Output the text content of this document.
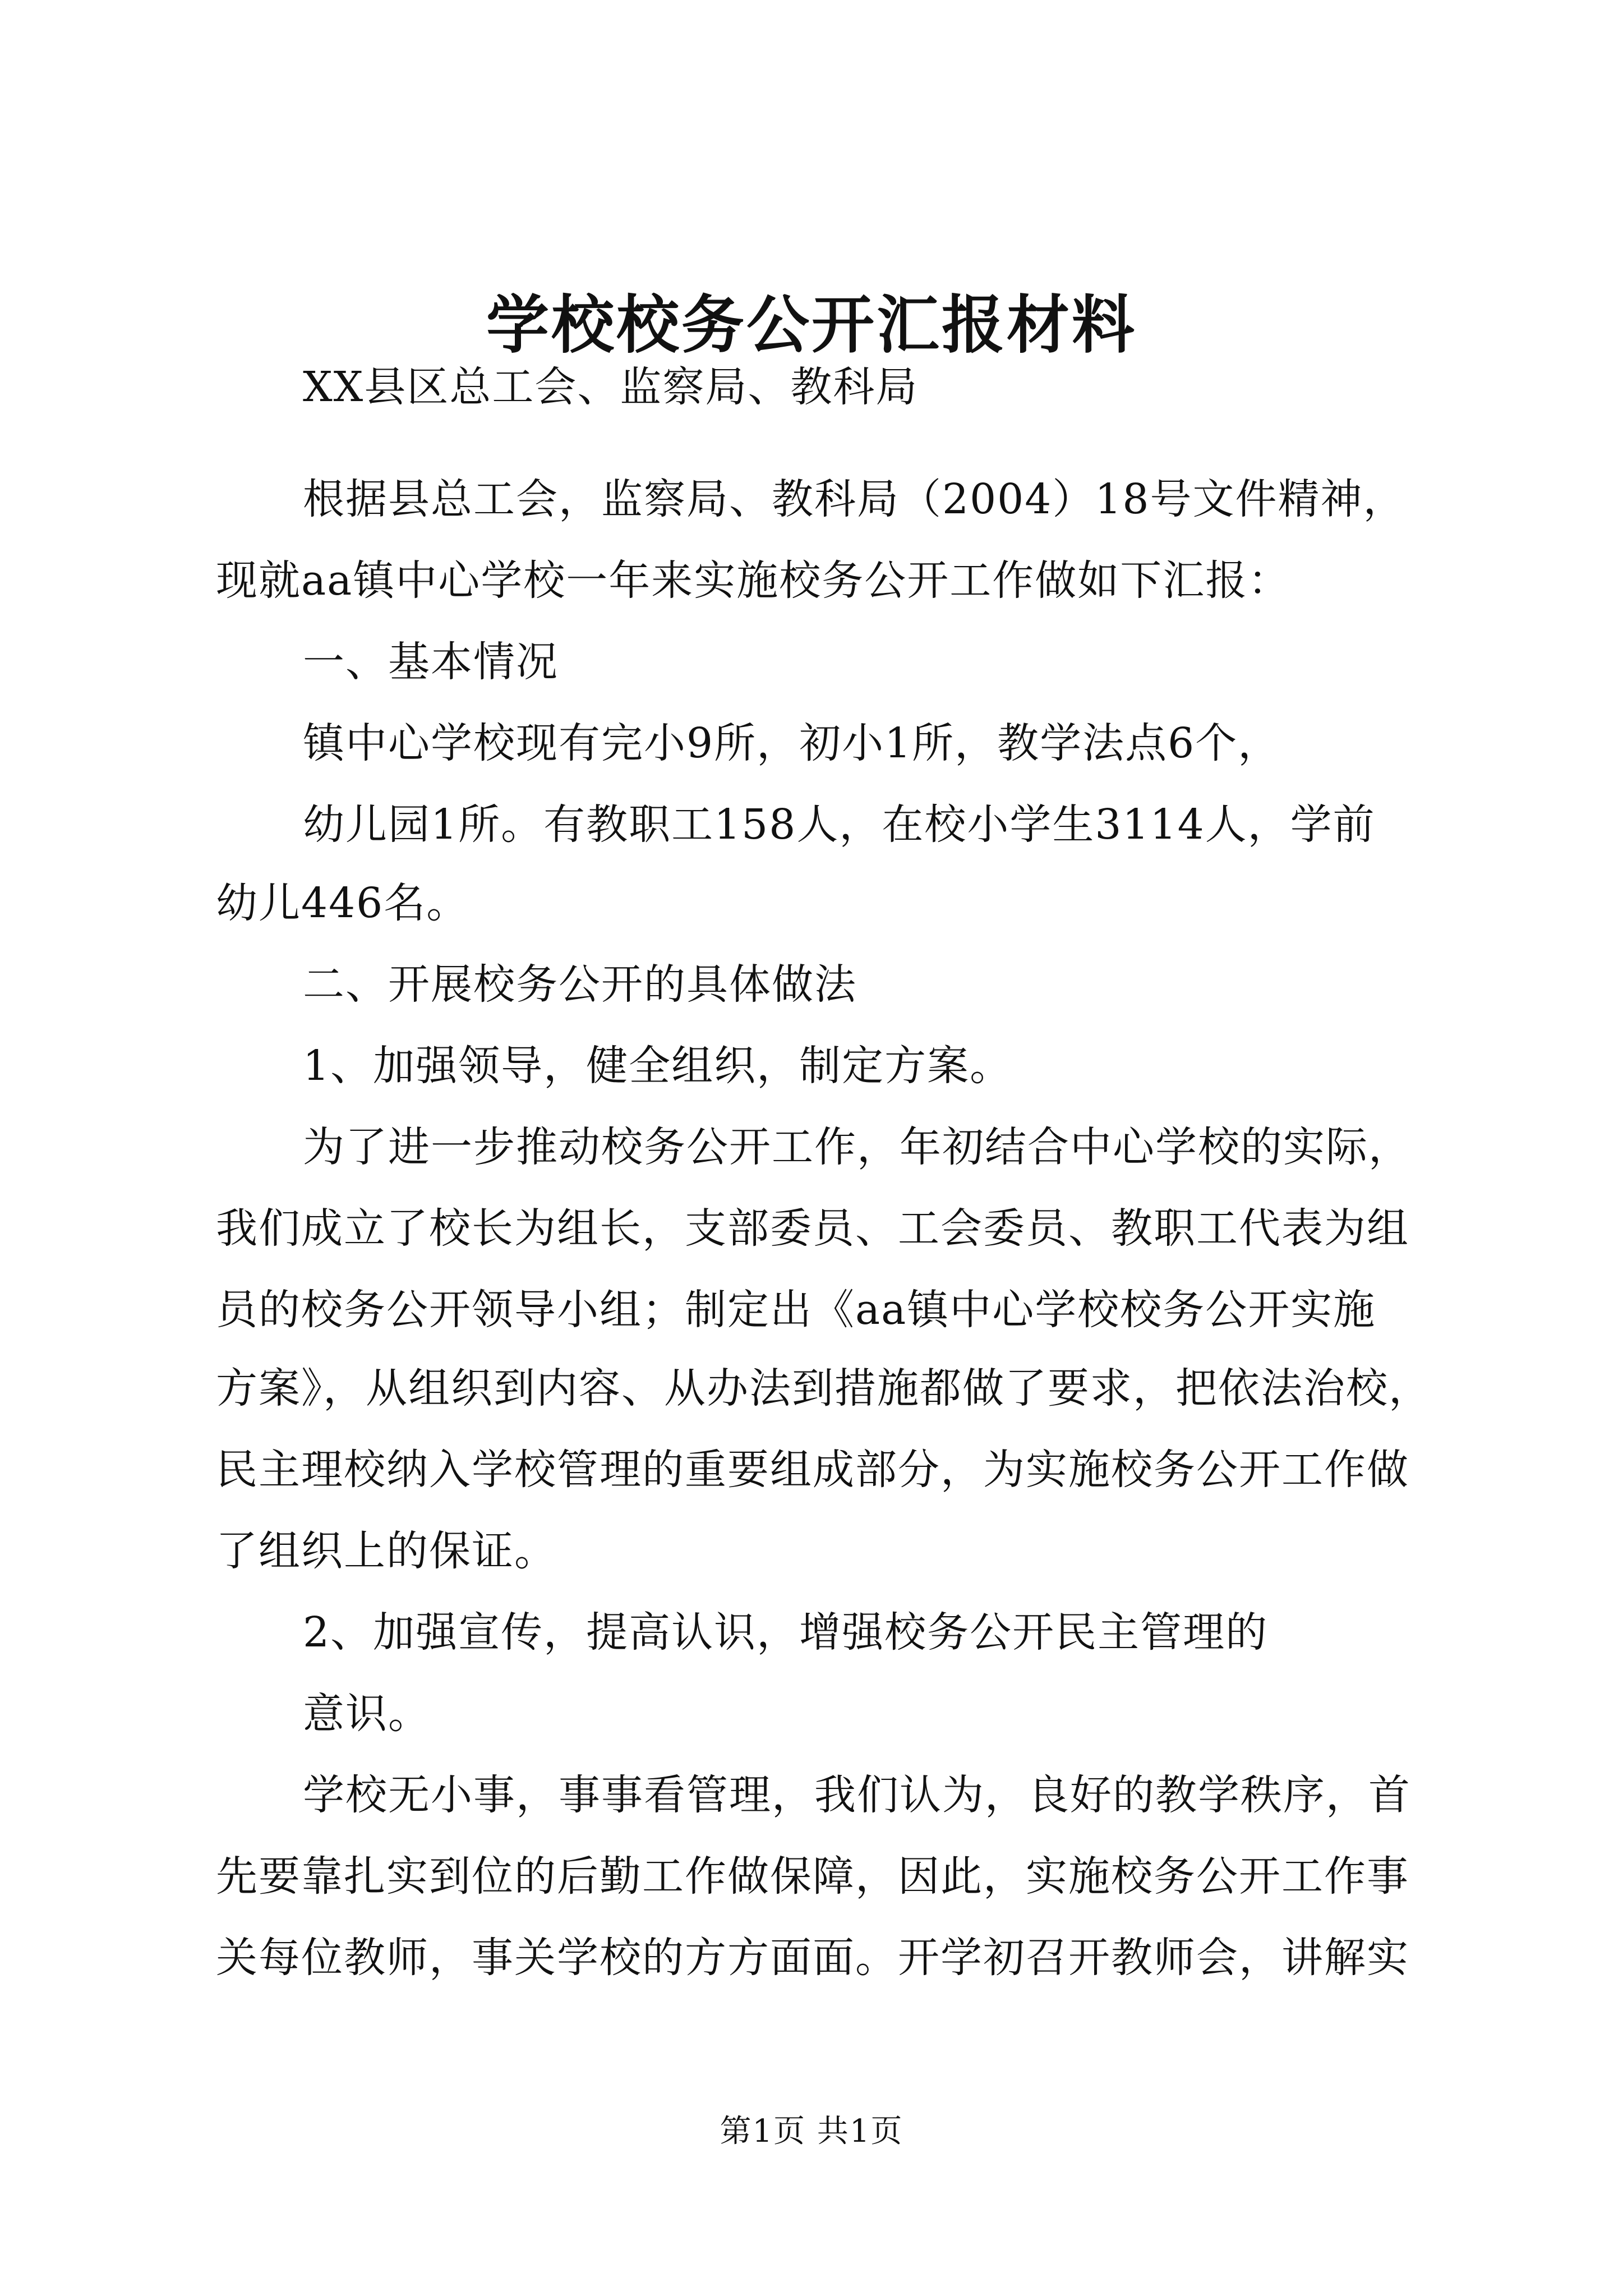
学校校务公开汇报材料
XX县区总工会、监察局、教科局
根据县总工会，监察局、教科局（2004）18号文件精神，
现就aa镇中心学校一年来实施校务公开工作做如下汇报：
一、基本情况
镇中心学校现有完小9所，初小1所，教学法点6个，
幼儿园1所。有教职工158人，在校小学生3114人，学前
幼儿446名。
二、开展校务公开的具体做法
1、加强领导，健全组织，制定方案。
为了进一步推动校务公开工作，年初结合中心学校的实际，
我们成立了校长为组长，支部委员、工会委员、教职工代表为组
员的校务公开领导小组；制定出《aa镇中心学校校务公开实施
方案》，从组织到内容、从办法到措施都做了要求，把依法治校，
民主理校纳入学校管理的重要组成部分，为实施校务公开工作做
了组织上的保证。
2、加强宣传，提高认识，增强校务公开民主管理的
意识。
学校无小事，事事看管理，我们认为，良好的教学秩序，首
先要靠扎实到位的后勤工作做保障，因此，实施校务公开工作事
关每位教师，事关学校的方方面面。开学初召开教师会，讲解实
第1页 共1页
